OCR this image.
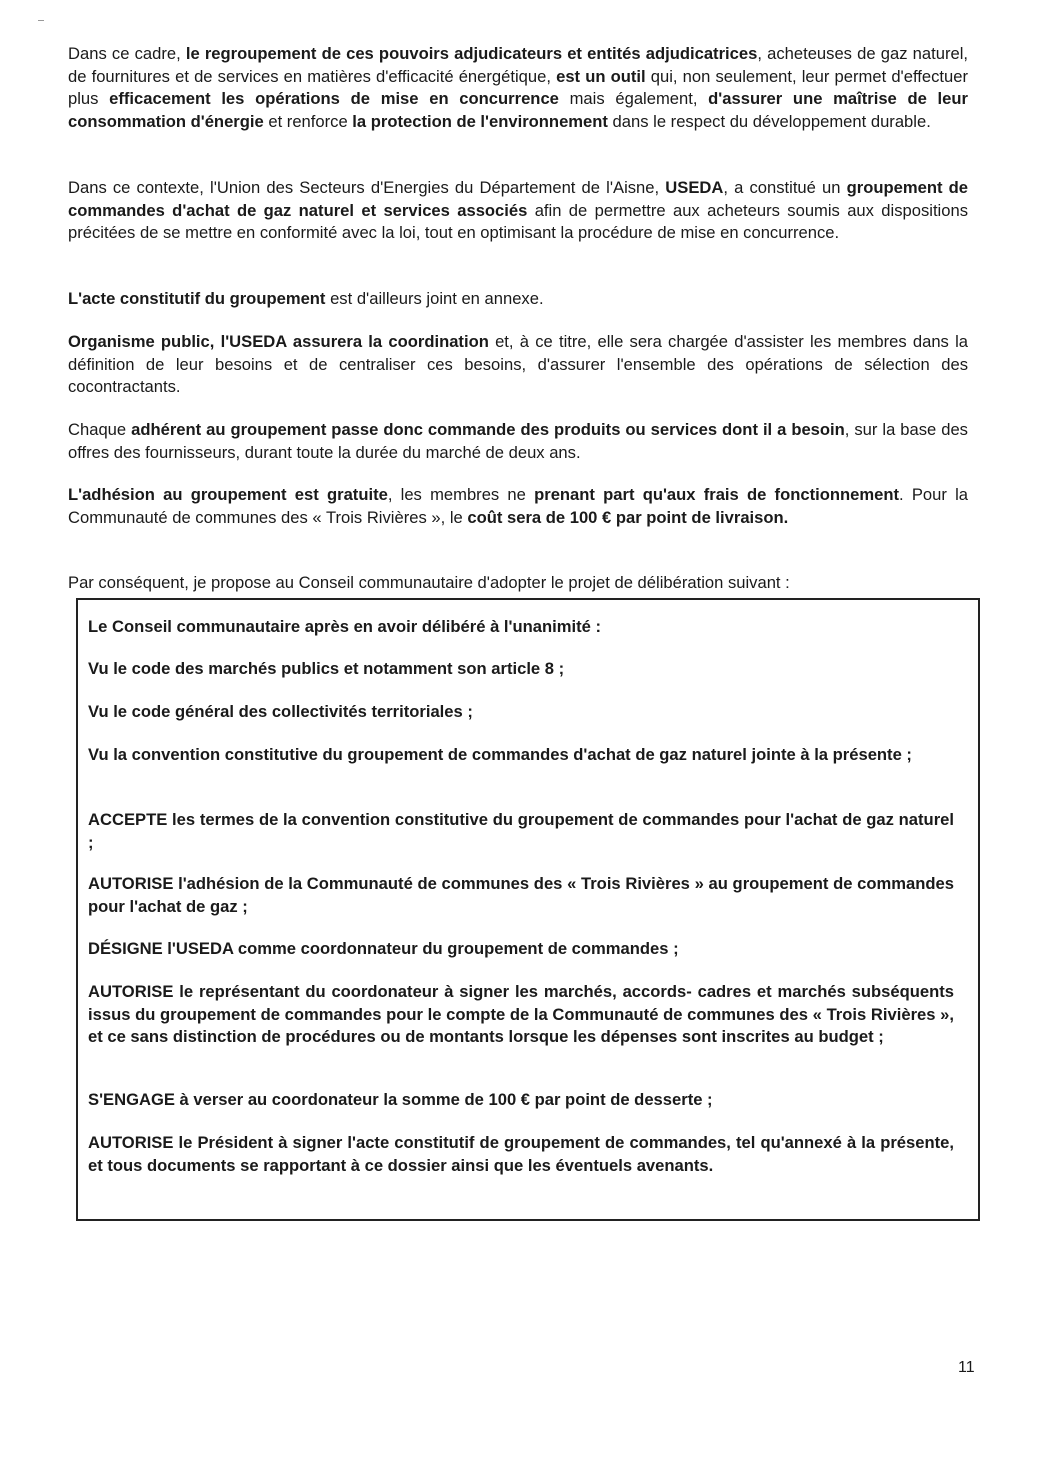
Dans ce cadre, le regroupement de ces pouvoirs adjudicateurs et entités adjudicatrices, acheteuses de gaz naturel, de fournitures et de services en matières d'efficacité énergétique, est un outil qui, non seulement, leur permet d'effectuer plus efficacement les opérations de mise en concurrence mais également, d'assurer une maîtrise de leur consommation d'énergie et renforce la protection de l'environnement dans le respect du développement durable.

Dans ce contexte, l'Union des Secteurs d'Energies du Département de l'Aisne, USEDA, a constitué un groupement de commandes d'achat de gaz naturel et services associés afin de permettre aux acheteurs soumis aux dispositions précitées de se mettre en conformité avec la loi, tout en optimisant la procédure de mise en concurrence.

L'acte constitutif du groupement est d'ailleurs joint en annexe.

Organisme public, l'USEDA assurera la coordination et, à ce titre, elle sera chargée d'assister les membres dans la définition de leur besoins et de centraliser ces besoins, d'assurer l'ensemble des opérations de sélection des cocontractants.

Chaque adhérent au groupement passe donc commande des produits ou services dont il a besoin, sur la base des offres des fournisseurs, durant toute la durée du marché de deux ans.

L'adhésion au groupement est gratuite, les membres ne prenant part qu'aux frais de fonctionnement. Pour la Communauté de communes des « Trois Rivières », le coût sera de 100 € par point de livraison.

Par conséquent, je propose au Conseil communautaire d'adopter le projet de délibération suivant :

Le Conseil communautaire après en avoir délibéré à l'unanimité :

Vu le code des marchés publics et notamment son article 8 ;

Vu le code général des collectivités territoriales ;

Vu la convention constitutive du groupement de commandes d'achat de gaz naturel jointe à la présente ;

ACCEPTE les termes de la convention constitutive du groupement de commandes pour l'achat de gaz naturel ;

AUTORISE l'adhésion de la Communauté de communes des « Trois Rivières » au groupement de commandes pour l'achat de gaz ;

DÉSIGNE l'USEDA comme coordonnateur du groupement de commandes ;

AUTORISE le représentant du coordonateur à signer les marchés, accords- cadres et marchés subséquents issus du groupement de commandes pour le compte de la Communauté de communes des « Trois Rivières », et ce sans distinction de procédures ou de montants lorsque les dépenses sont inscrites au budget ;

S'ENGAGE à verser au coordonateur la somme de 100 € par point de desserte ;

AUTORISE le Président à signer l'acte constitutif de groupement de commandes, tel qu'annexé à la présente, et tous documents se rapportant à ce dossier ainsi que les éventuels avenants.

11
